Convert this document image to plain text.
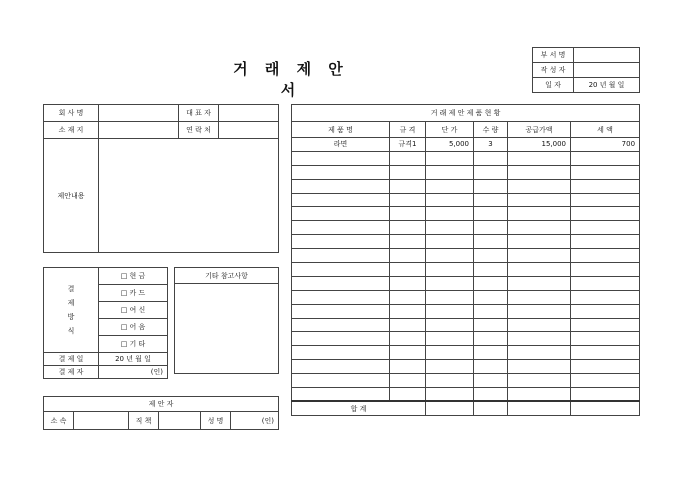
거 래 제 안 서
부 서 명	
작 성 자	
일 자	20 년 월 일
회 사 명		대 표 자	
소 재 지		연 락 처	
제안내용			
결
제
방
식	□ 현 금
	□ 카 드
	□ 여 신
	□ 어 음
	□ 기 타
결 제 일	20 년 월 일
결 제 자	(인)
기타 참고사항

제 안 자
소 속		직 책		성 명	(인)
거 래 제 안 제 품 현 황					
제 품 명	규 격	단 가	수 량	공급가액	세 액
라면	규격1	5,000	3	15,000	700

합 계					
